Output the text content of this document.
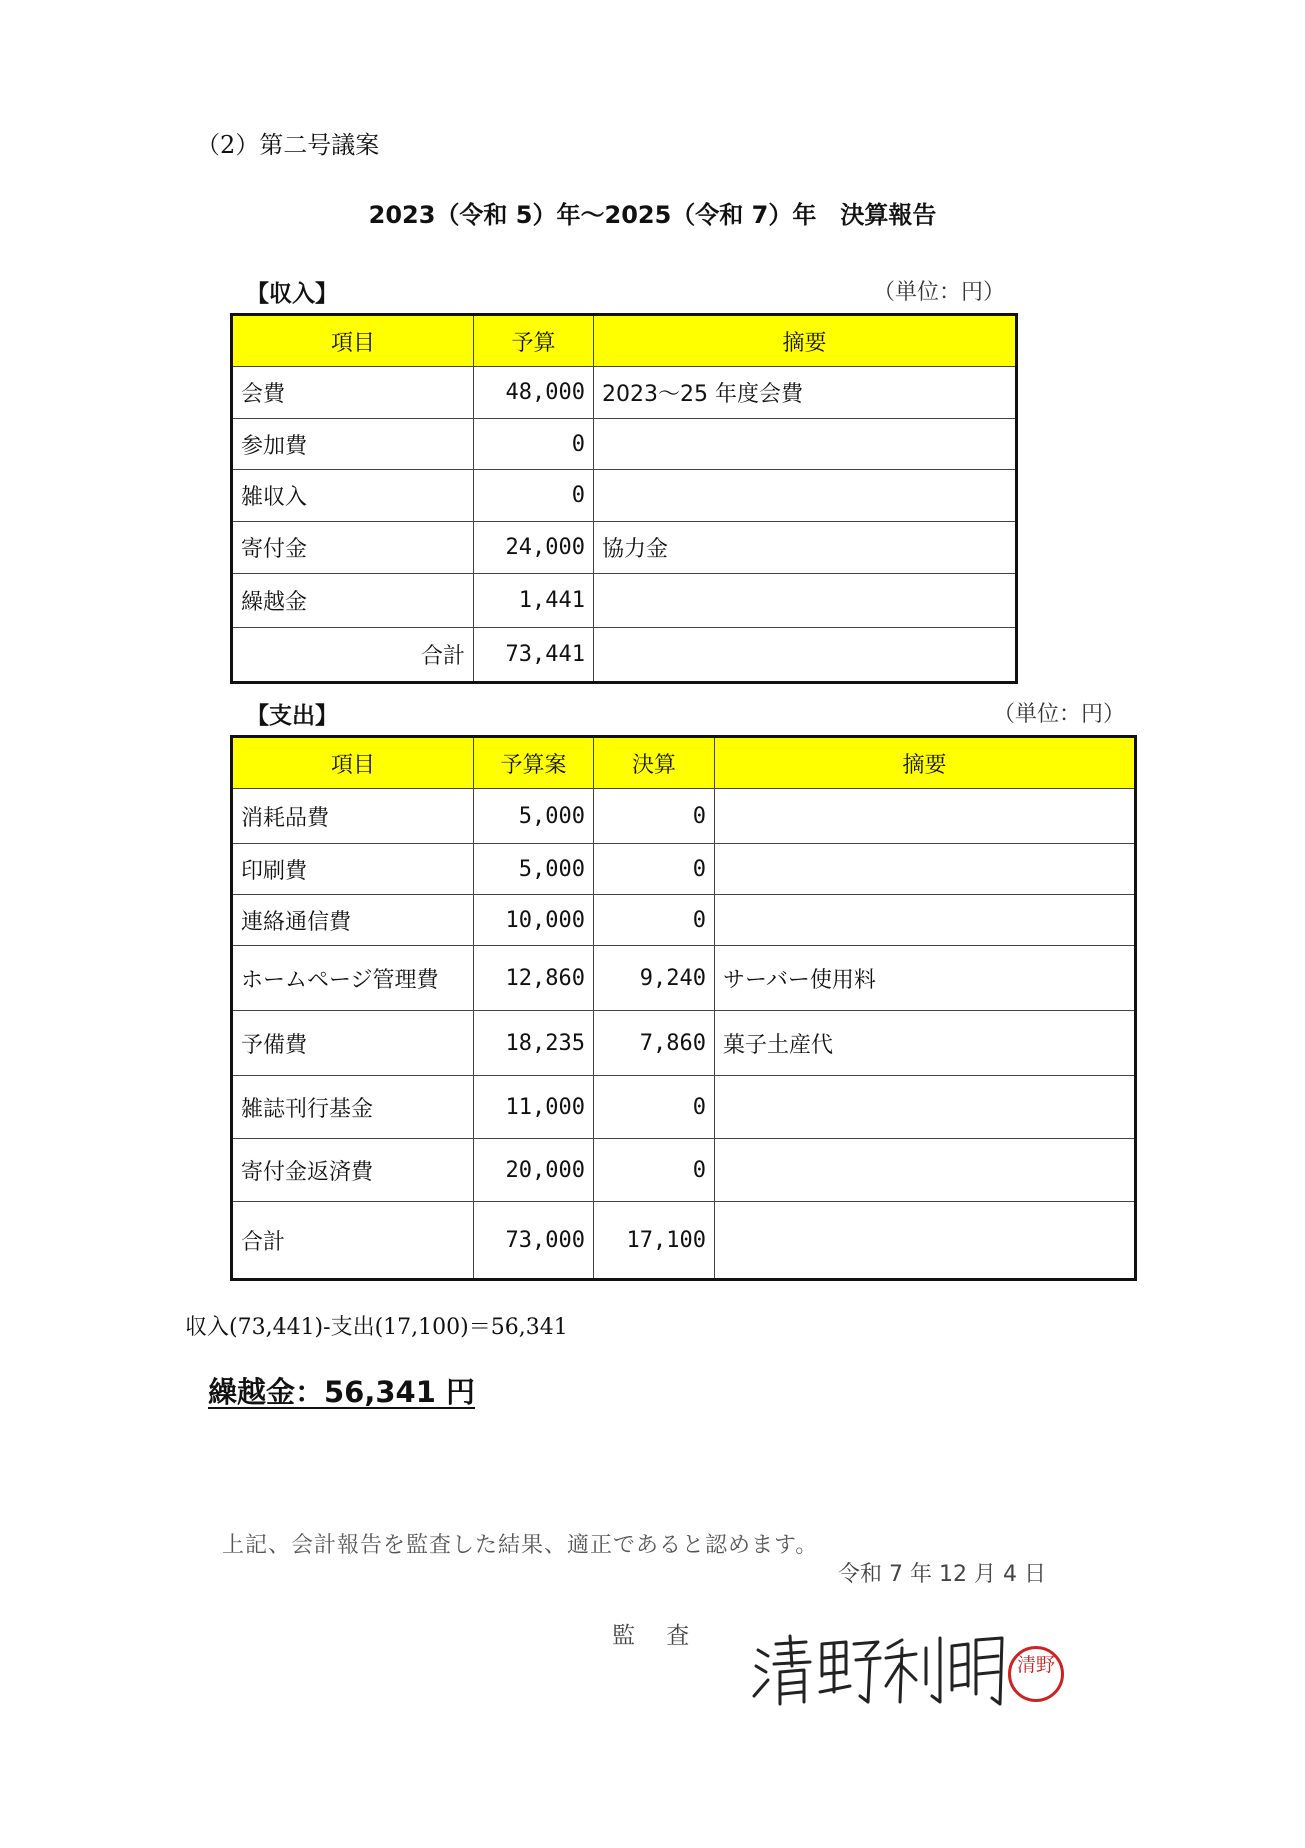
（2）第二号議案
2023（令和 5）年〜2025（令和 7）年　決算報告
【収入】	（単位：円）
項目	予算	摘要
会費	48,000	2023〜25 年度会費
参加費	0	
雑収入	0	
寄付金	24,000	協力金
繰越金	1,441	
合計	73,441	
【支出】	（単位：円）
項目	予算案	決算	摘要
消耗品費	5,000	0	
印刷費	5,000	0	
連絡通信費	10,000	0	
ホームページ管理費	12,860	9,240	サーバー使用料
予備費	18,235	7,860	菓子土産代
雑誌刊行基金	11,000	0	
寄付金返済費	20,000	0	
合計	73,000	17,100	
収入(73,441)-支出(17,100)＝56,341
繰越金：56,341 円
上記、会計報告を監査した結果、適正であると認めます。
令和 7 年 12 月 4 日
監 査
清野
